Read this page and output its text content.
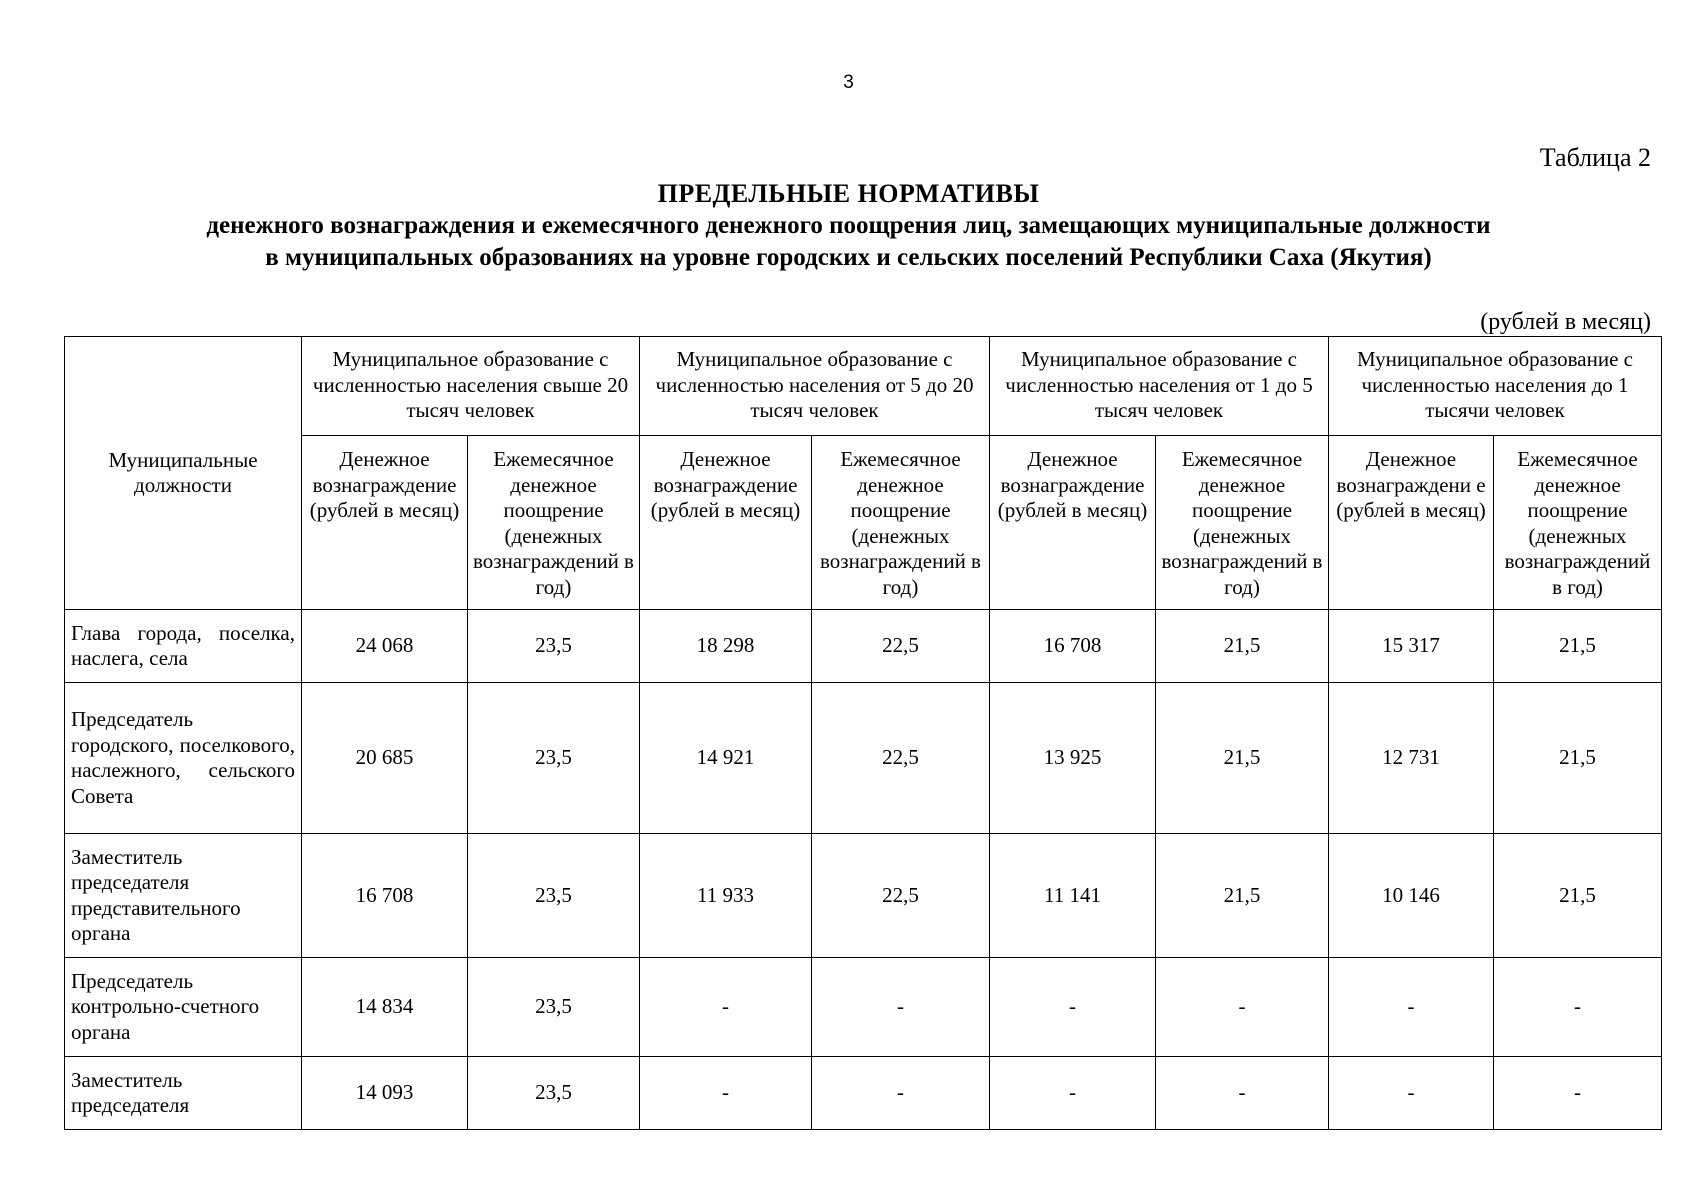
3
Таблица 2
ПРЕДЕЛЬНЫЕ НОРМАТИВЫ
денежного вознаграждения и ежемесячного денежного поощрения лиц, замещающих муниципальные должности
в муниципальных образованиях на уровне городских и сельских поселений Республики Саха (Якутия)
(рублей в месяц)
Муниципальные должности	Муниципальное образование с численностью населения свыше 20 тысяч человек		Муниципальное образование с численностью населения от 5 до 20 тысяч человек		Муниципальное образование с численностью населения от 1 до 5 тысяч человек		Муниципальное образование с численностью населения до 1 тысячи человек	
	Денежное вознаграждение (рублей в месяц)	Ежемесячное денежное поощрение (денежных вознаграждений в год)	Денежное вознаграждение (рублей в месяц)	Ежемесячное денежное поощрение (денежных вознаграждений в год)	Денежное вознаграждение (рублей в месяц)	Ежемесячное денежное поощрение (денежных вознаграждений в год)	Денежное вознаграждени е (рублей в месяц)	Ежемесячное денежное поощрение (денежных вознаграждений в год)
Глава города, поселка, наслега, села	24 068	23,5	18 298	22,5	16 708	21,5	15 317	21,5
Председатель городского, поселкового, наслежного, сельского Совета	20 685	23,5	14 921	22,5	13 925	21,5	12 731	21,5
Заместитель председателя представительного органа	16 708	23,5	11 933	22,5	11 141	21,5	10 146	21,5
Председатель контрольно-счетного органа	14 834	23,5	-	-	-	-	-	-
Заместитель председателя	14 093	23,5	-	-	-	-	-	-
